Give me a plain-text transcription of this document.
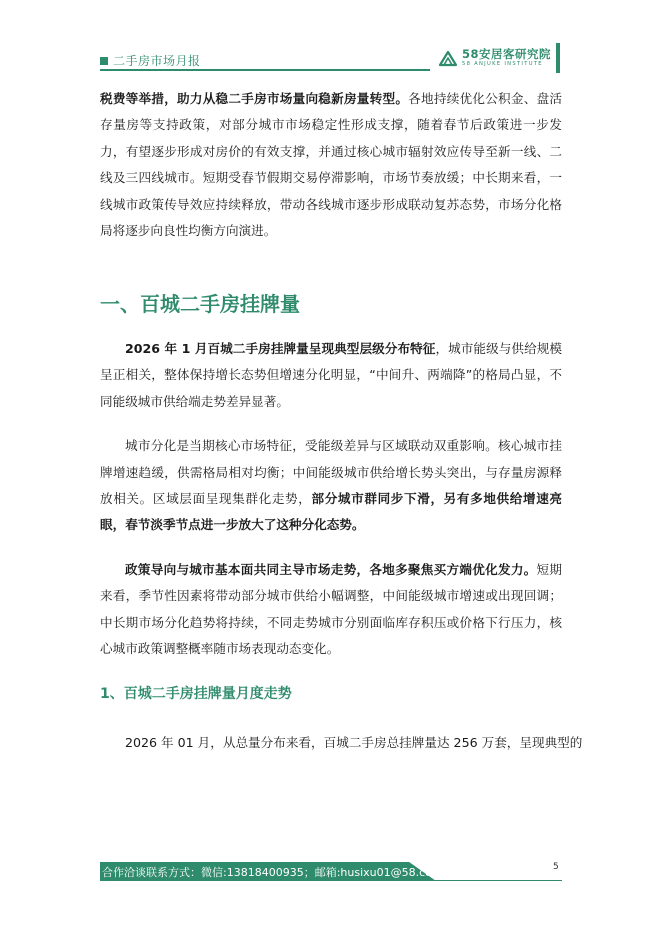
二手房市场月报
58安居客研究院
58 ANJUKE INSTITUTE

税费等举措，助力从稳二手房市场量向稳新房量转型。各地持续优化公积金、盘活存量房等支持政策，对部分城市市场稳定性形成支撑，随着春节后政策进一步发力，有望逐步形成对房价的有效支撑，并通过核心城市辐射效应传导至新一线、二线及三四线城市。短期受春节假期交易停滞影响，市场节奏放缓；中长期来看，一线城市政策传导效应持续释放，带动各线城市逐步形成联动复苏态势，市场分化格局将逐步向良性均衡方向演进。

一、百城二手房挂牌量

2026 年 1 月百城二手房挂牌量呈现典型层级分布特征，城市能级与供给规模呈正相关，整体保持增长态势但增速分化明显，“中间升、两端降”的格局凸显，不同能级城市供给端走势差异显著。

城市分化是当期核心市场特征，受能级差异与区域联动双重影响。核心城市挂牌增速趋缓，供需格局相对均衡；中间能级城市供给增长势头突出，与存量房源释放相关。区域层面呈现集群化走势，部分城市群同步下滑，另有多地供给增速亮眼，春节淡季节点进一步放大了这种分化态势。

政策导向与城市基本面共同主导市场走势，各地多聚焦买方端优化发力。短期来看，季节性因素将带动部分城市供给小幅调整，中间能级城市增速或出现回调；中长期市场分化趋势将持续，不同走势城市分别面临库存积压或价格下行压力，核心城市政策调整概率随市场表现动态变化。

1、百城二手房挂牌量月度走势

2026 年 01 月，从总量分布来看，百城二手房总挂牌量达 256 万套，呈现典型的

合作洽谈联系方式：微信:13818400935；邮箱:husixu01@58.com;	5
